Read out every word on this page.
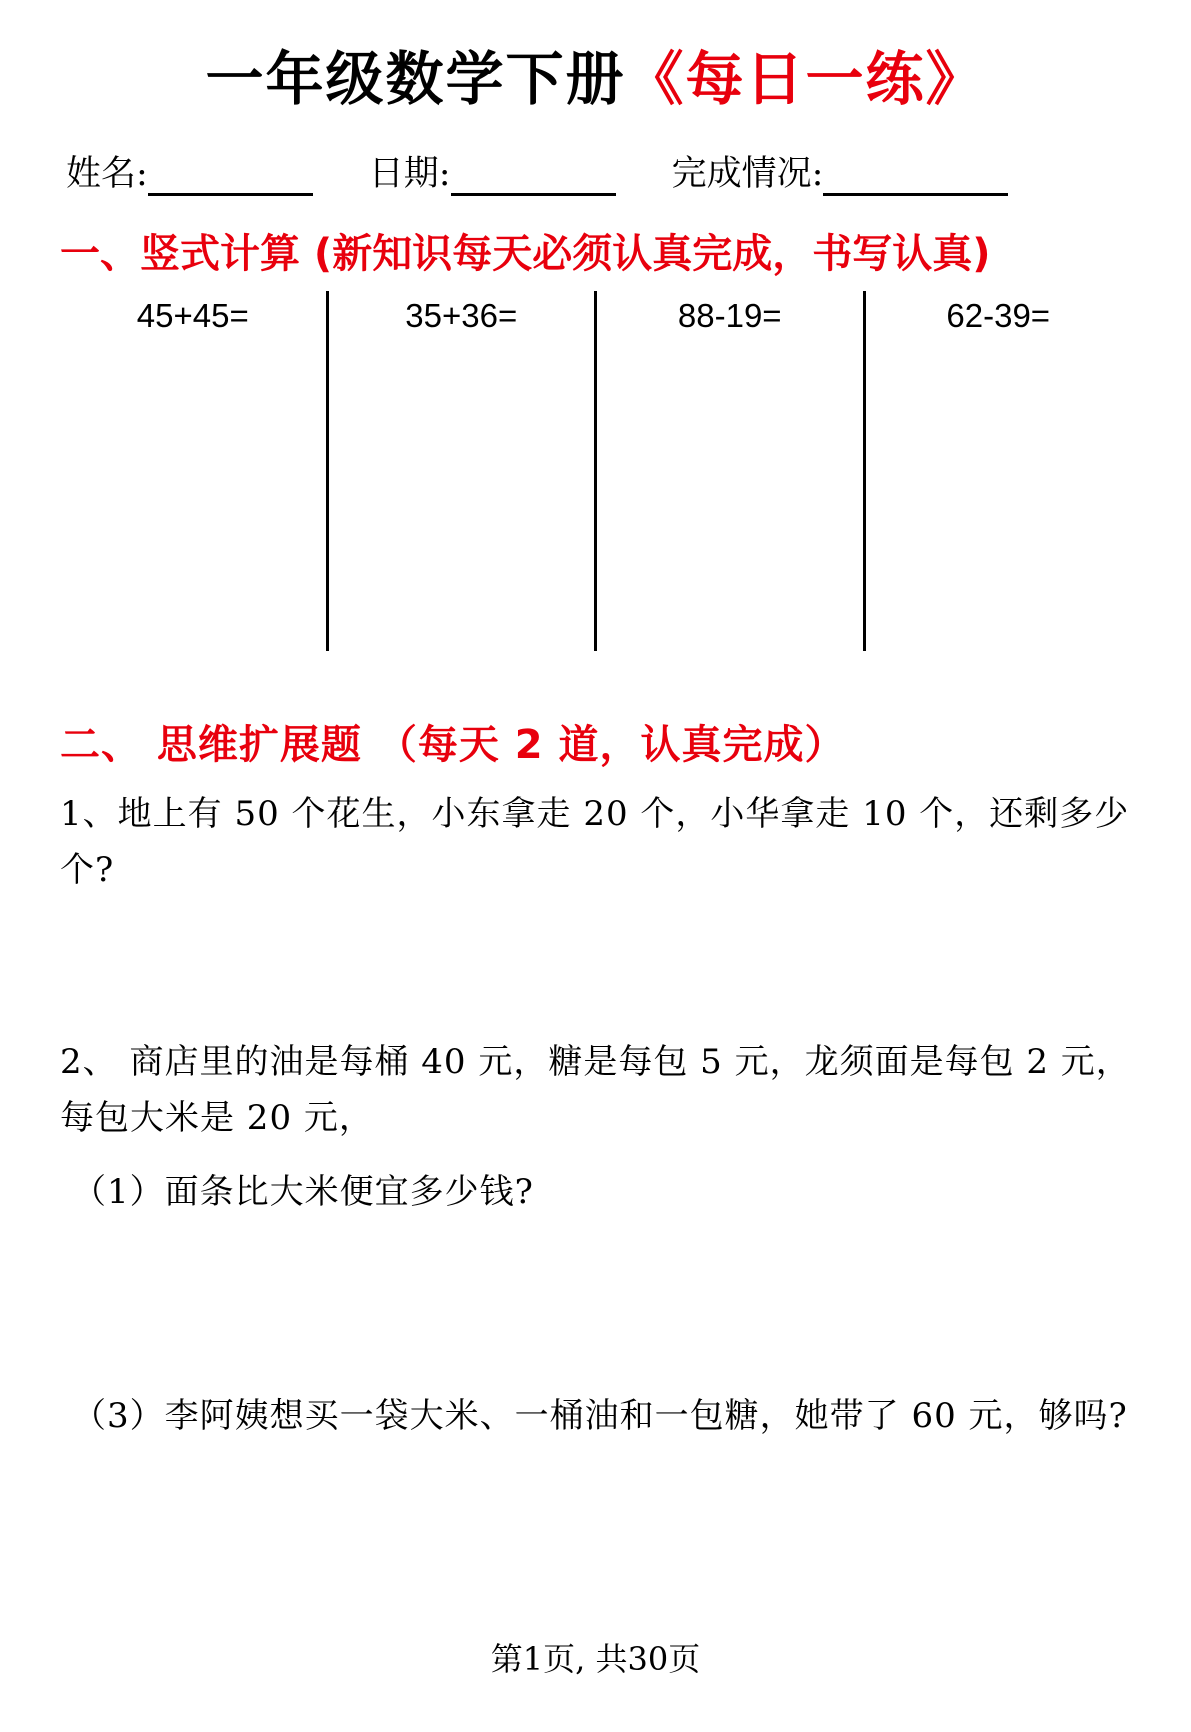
一年级数学下册《每日一练》
姓名:	日期:	完成情况:
一、竖式计算 (新知识每天必须认真完成，书写认真)
45+45=	35+36=	88-19=	62-39=
二、 思维扩展题 （每天 2 道，认真完成）
1、地上有 50 个花生，小东拿走 20 个，小华拿走 10 个，还剩多少个?
2、 商店里的油是每桶 40 元，糖是每包 5 元，龙须面是每包 2 元，每包大米是 20 元，
（1）面条比大米便宜多少钱?
（3）李阿姨想买一袋大米、一桶油和一包糖，她带了 60 元，够吗?
第1页, 共30页
